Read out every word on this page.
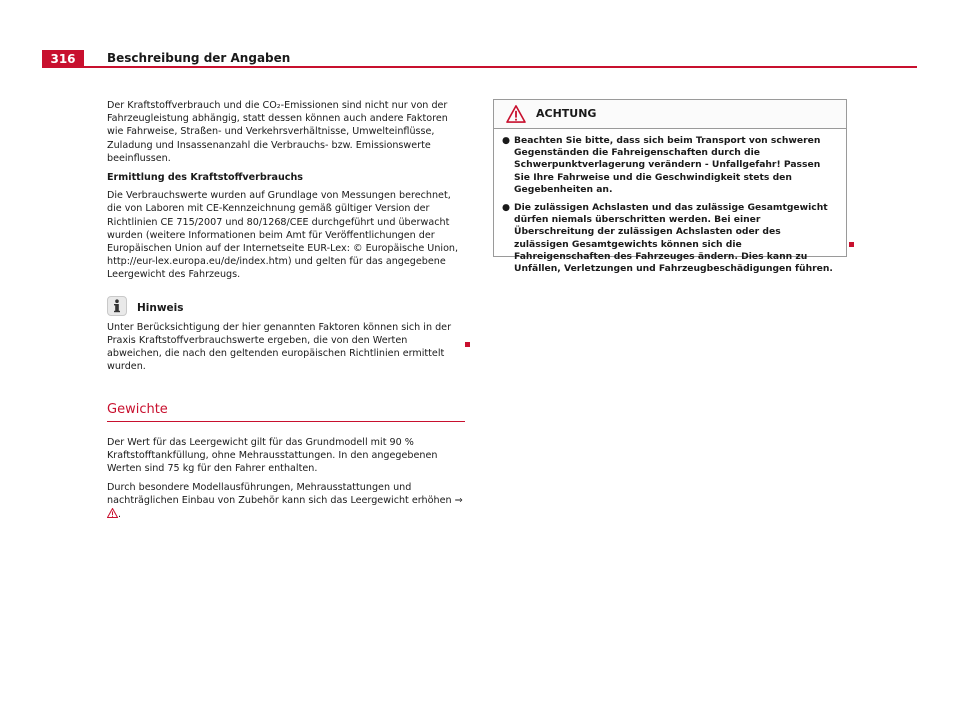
316	Beschreibung der Angaben

Der Kraftstoffverbrauch und die CO₂-Emissionen sind nicht nur von der Fahrzeugleistung abhängig, statt dessen können auch andere Faktoren wie Fahrweise, Straßen- und Verkehrsverhältnisse, Umwelteinflüsse, Zuladung und Insassenanzahl die Verbrauchs- bzw. Emissionswerte beeinflussen.

Ermittlung des Kraftstoffverbrauchs

Die Verbrauchswerte wurden auf Grundlage von Messungen berechnet, die von Laboren mit CE-Kennzeichnung gemäß gültiger Version der Richtlinien CE 715/2007 und 80/1268/CEE durchgeführt und überwacht wurden (weitere Informationen beim Amt für Veröffentlichungen der Europäischen Union auf der Internetseite EUR-Lex: © Europäische Union, http://eur-lex.europa.eu/de/index.htm) und gelten für das angegebene Leergewicht des Fahrzeugs.

Hinweis

Unter Berücksichtigung der hier genannten Faktoren können sich in der Praxis Kraftstoffverbrauchswerte ergeben, die von den Werten abweichen, die nach den geltenden europäischen Richtlinien ermittelt wurden.

Gewichte

Der Wert für das Leergewicht gilt für das Grundmodell mit 90 % Kraftstofftankfüllung, ohne Mehrausstattungen. In den angegebenen Werten sind 75 kg für den Fahrer enthalten.

Durch besondere Modellausführungen, Mehrausstattungen und nachträglichen Einbau von Zubehör kann sich das Leergewicht erhöhen ⇒ .

ACHTUNG
● Beachten Sie bitte, dass sich beim Transport von schweren Gegenständen die Fahreigenschaften durch die Schwerpunktverlagerung verändern - Unfallgefahr! Passen Sie Ihre Fahrweise und die Geschwindigkeit stets den Gegebenheiten an.
● Die zulässigen Achslasten und das zulässige Gesamtgewicht dürfen niemals überschritten werden. Bei einer Überschreitung der zulässigen Achslasten oder des zulässigen Gesamtgewichts können sich die Fahreigenschaften des Fahrzeuges ändern. Dies kann zu Unfällen, Verletzungen und Fahrzeugbeschädigungen führen.
